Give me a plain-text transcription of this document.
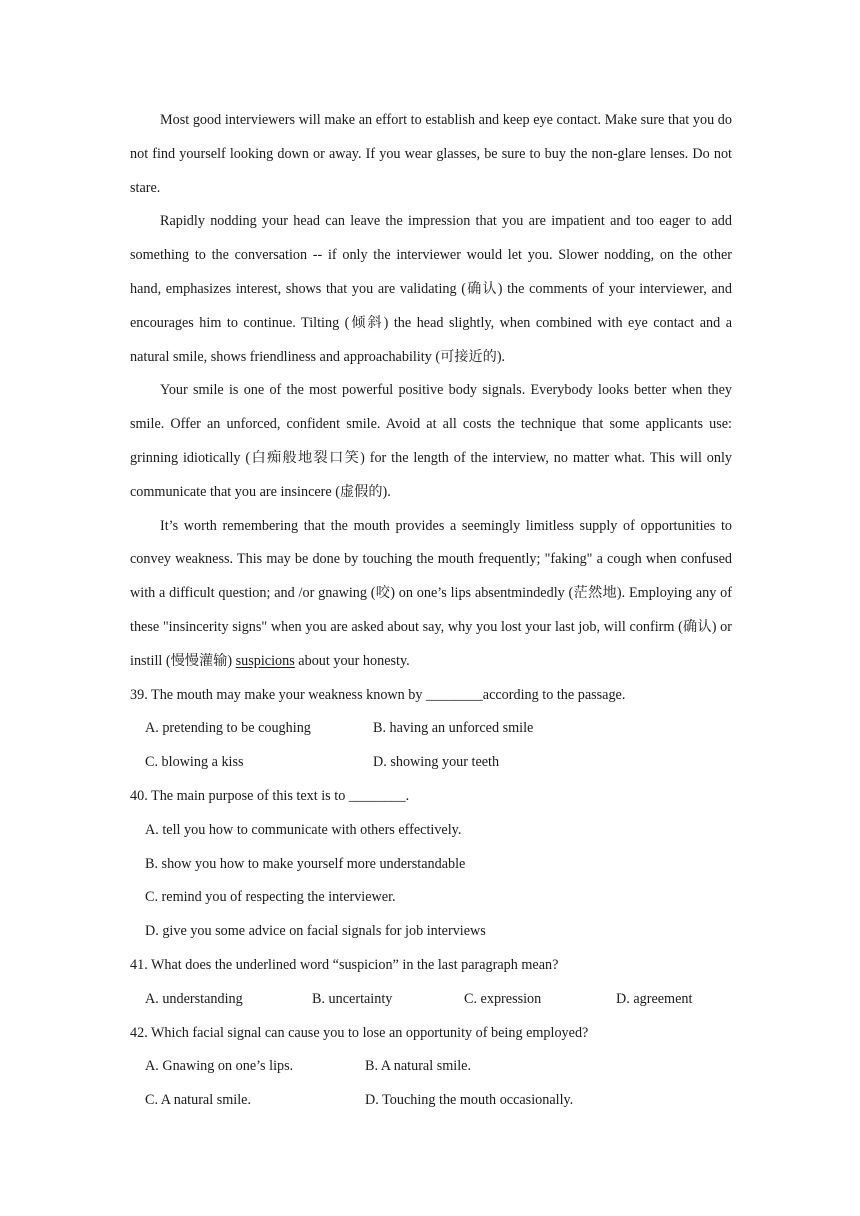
Most good interviewers will make an effort to establish and keep eye contact. Make sure that you do not find yourself looking down or away. If you wear glasses, be sure to buy the non-glare lenses. Do not stare.

Rapidly nodding your head can leave the impression that you are impatient and too eager to add something to the conversation -- if only the interviewer would let you. Slower nodding, on the other hand, emphasizes interest, shows that you are validating (确认) the comments of your interviewer, and encourages him to continue. Tilting (倾斜) the head slightly, when combined with eye contact and a natural smile, shows friendliness and approachability (可接近的).

Your smile is one of the most powerful positive body signals. Everybody looks better when they smile. Offer an unforced, confident smile. Avoid at all costs the technique that some applicants use: grinning idiotically (白痴般地裂口笑) for the length of the interview, no matter what. This will only communicate that you are insincere (虚假的).

It’s worth remembering that the mouth provides a seemingly limitless supply of opportunities to convey weakness. This may be done by touching the mouth frequently; "faking" a cough when confused with a difficult question; and /or gnawing (咬) on one’s lips absentmindedly (茫然地). Employing any of these "insincerity signs" when you are asked about say, why you lost your last job, will confirm (确认) or instill (慢慢灌输) suspicions about your honesty.

39. The mouth may make your weakness known by ________according to the passage.

A. pretending to be coughing	B. having an unforced smile
C. blowing a kiss	D. showing your teeth

40. The main purpose of this text is to ________.

A. tell you how to communicate with others effectively.
B. show you how to make yourself more understandable
C. remind you of respecting the interviewer.
D. give you some advice on facial signals for job interviews

41. What does the underlined word “suspicion” in the last paragraph mean?

A. understanding	B. uncertainty	C. expression	D. agreement

42. Which facial signal can cause you to lose an opportunity of being employed?

A. Gnawing on one’s lips.	B. A natural smile.
C. A natural smile.	D. Touching the mouth occasionally.
